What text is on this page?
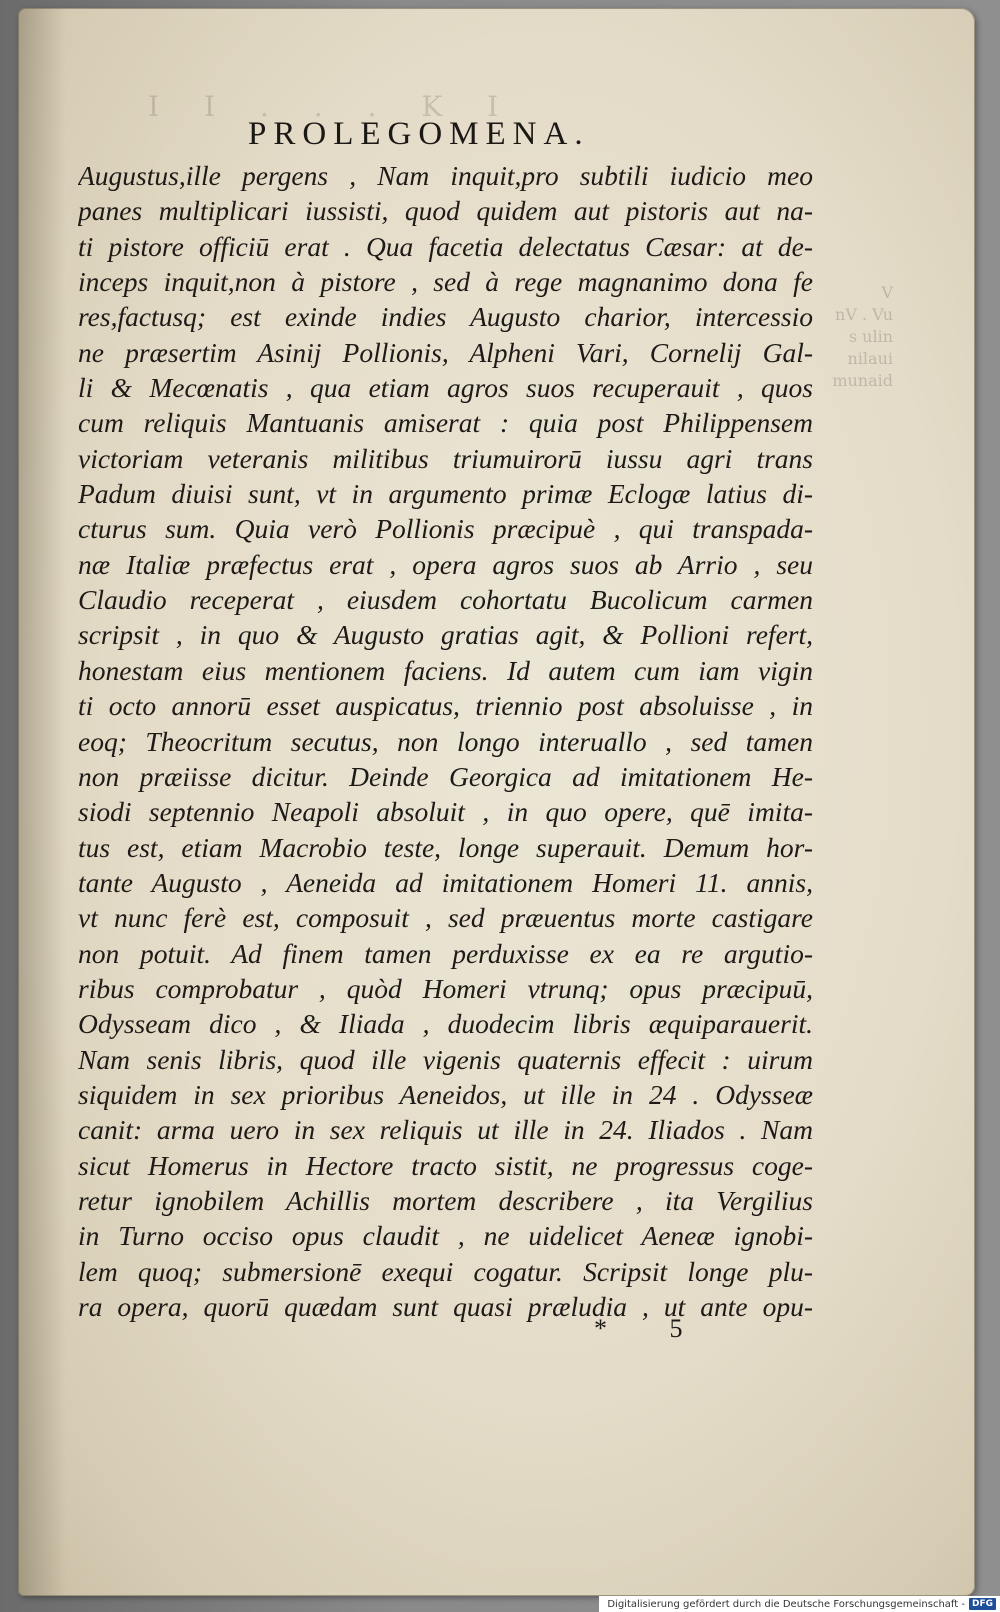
I I . . . K I
V
nV . Vu
s ulin
nilaui
munaid
PROLEGOMENA.
Augustus,ille pergens , Nam inquit,pro subtili iudicio meo
panes multiplicari iussisti, quod quidem aut pistoris aut na-
ti pistore officiū erat . Qua facetia delectatus Cæsar: at de-
inceps inquit,non à pistore , sed à rege magnanimo dona fe
res,factusq; est exinde indies Augusto charior, intercessio
ne præsertim Asinij Pollionis, Alpheni Vari, Cornelij Gal-
li & Mecœnatis , qua etiam agros suos recuperauit , quos
cum reliquis Mantuanis amiserat : quia post Philippensem
victoriam veteranis militibus triumuirorū iussu agri trans
Padum diuisi sunt, vt in argumento primæ Eclogæ latius di-
cturus sum. Quia verò Pollionis præcipuè , qui transpada-
næ Italiæ præfectus erat , opera agros suos ab Arrio , seu
Claudio receperat , eiusdem cohortatu Bucolicum carmen
scripsit , in quo & Augusto gratias agit, & Pollioni refert,
honestam eius mentionem faciens. Id autem cum iam vigin
ti octo annorū esset auspicatus, triennio post absoluisse , in
eoq; Theocritum secutus, non longo interuallo , sed tamen
non præiisse dicitur. Deinde Georgica ad imitationem He-
siodi septennio Neapoli absoluit , in quo opere, quē imita-
tus est, etiam Macrobio teste, longe superauit. Demum hor-
tante Augusto , Aeneida ad imitationem Homeri 11. annis,
vt nunc ferè est, composuit , sed præuentus morte castigare
non potuit. Ad finem tamen perduxisse ex ea re argutio-
ribus comprobatur , quòd Homeri vtrunq; opus præcipuū,
Odysseam dico , & Iliada , duodecim libris æquiparauerit.
Nam senis libris, quod ille vigenis quaternis effecit : uirum
siquidem in sex prioribus Aeneidos, ut ille in 24 . Odysseæ
canit: arma uero in sex reliquis ut ille in 24. Iliados . Nam
sicut Homerus in Hectore tracto sistit, ne progressus coge-
retur ignobilem Achillis mortem describere , ita Vergilius
in Turno occiso opus claudit , ne uidelicet Aeneæ ignobi-
lem quoq; submersionē exequi cogatur. Scripsit longe plu-
ra opera, quorū quædam sunt quasi præludia , ut ante opu-
* 5
Digitalisierung gefördert durch die Deutsche Forschungsgemeinschaft - DFG
